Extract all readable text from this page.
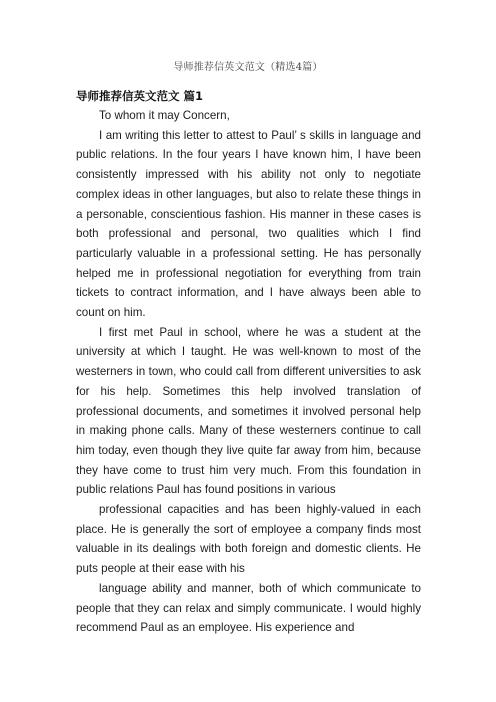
导师推荐信英文范文（精选4篇）
导师推荐信英文范文 篇1

To whom it may Concern,

I am writing this letter to attest to Paul’ s skills in language and public relations. In the four years I have known him, I have been consistently impressed with his ability not only to negotiate complex ideas in other languages, but also to relate these things in a personable, conscientious fashion. His manner in these cases is both professional and personal, two qualities which I find particularly valuable in a professional setting. He has personally helped me in professional negotiation for everything from train tickets to contract information, and I have always been able to count on him.

I first met Paul in school, where he was a student at the university at which I taught. He was well-known to most of the westerners in town, who could call from different universities to ask for his help. Sometimes this help involved translation of professional documents, and sometimes it involved personal help in making phone calls. Many of these westerners continue to call him today, even though they live quite far away from him, because they have come to trust him very much. From this foundation in public relations Paul has found positions in various

professional capacities and has been highly-valued in each place. He is generally the sort of employee a company finds most valuable in its dealings with both foreign and domestic clients. He puts people at their ease with his

language ability and manner, both of which communicate to people that they can relax and simply communicate. I would highly recommend Paul as an employee. His experience and
